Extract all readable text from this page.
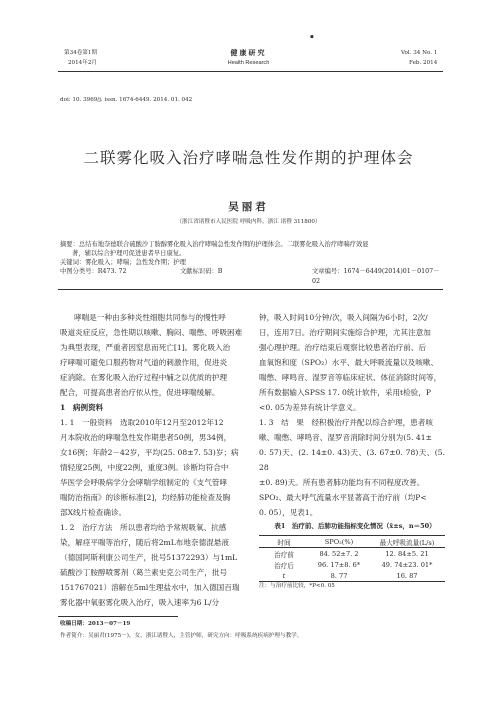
▪
第34卷第1期
2014年2月
健康研究
Health Research
Vol. 34 No. 1
Feb. 2014
doi: 10. 3969/j. issn. 1674-6449. 2014. 01. 042
二联雾化吸入治疗哮喘急性发作期的护理体会
吴丽君
（浙江省诸暨市人民医院 呼吸内科，浙江 诸暨 311800）
摘要：总结布地奈德联合硫酸沙丁胺醇雾化吸入治疗哮喘急性发作期的护理体会。二联雾化吸入治疗哮喘疗效显
著，辅以综合护理可促进患者早日康复。
关键词：雾化吸入；哮喘；急性发作期；护理
中图分类号：R473. 72	文献标识码：B	文章编号：1674－6449(2014)01－0107－02
哮喘是一种由多种炎性细胞共同参与的慢性呼
吸道炎症反应，急性期以咳嗽、胸闷、喘憋、呼吸困难
为典型表现，严重者因窒息而死亡[1]。雾化吸入治
疗哮喘可避免口服药物对气道的刺激作用，促进炎
症消除。在雾化吸入治疗过程中辅之以优质的护理
配合，可提高患者治疗依从性，促进哮喘缓解。
1　病例资料
1. 1　一般资料　选取2010年12月至2012年12
月本院收治的哮喘急性发作期患者50例，男34例，
女16例；年龄2－42岁，平均(25. 08±7. 53)岁；病
情轻度25例，中度22例，重度3例。诊断均符合中
华医学会呼吸病学分会哮喘学组制定的《支气管哮
喘防治指南》的诊断标准[2]，均经肺功能检查及胸
部X线片检查确诊。
1. 2　治疗方法　所以患者均给予常规吸氧、抗感
染，解痉平喘等治疗，随后将2mL布地奈德混悬液
（德国阿斯利康公司生产，批号51372293）与1mL
硫酸沙丁胺醇喷雾剂（葛兰素史克公司生产，批号
151767021）溶解在5ml生理盐水中，加入德国百瑞
雾化器中氧驱雾化吸入治疗，吸入速率为6 L/分
钟，吸入时间10分钟/次，吸入间隔为6小时，2次/
日，连用7日。治疗期间实施综合护理，尤其注意加
强心理护理。治疗结束后观察比较患者治疗前、后
血氧饱和度（SPO₂）水平、最大呼吸流量以及咳嗽、
喘憋、哮鸣音、湿罗音等临床症状、体征消除时间等，
所有数据输入SPSS 17. 0统计软件，采用t检验，P
<0. 05为差异有统计学意义。
1. 3　结　果　经积极治疗并配以综合护理，患者咳
嗽、喘憋、哮鸣音、湿罗音消除时间分别为(5. 41±
0. 57)天、(2. 14±0. 43)天、(3. 67±0. 78)天、(5. 28
±0. 89)天。所有患者肺功能均有不同程度改善。
SPO₂、最大呼气流量水平显著高于治疗前（均P<
0. 05），见表1。
表1　治疗前、后肺功能指标变化情况（x̄±s，n＝50）
时间	SPO₂(%)	最大呼吸流量(L/s)
治疗前	84. 52±7. 2	12. 84±5. 21
治疗后	96. 17±8. 6*	49. 74±23. 01*
t	8. 77	16. 87
注：与治疗前比较，*P<0. 05
收稿日期：2013－07－19
作者简介：吴丽君(1975－)，女，浙江诸暨人，主管护师，研究方向：呼吸系统疾病护理与教学。
